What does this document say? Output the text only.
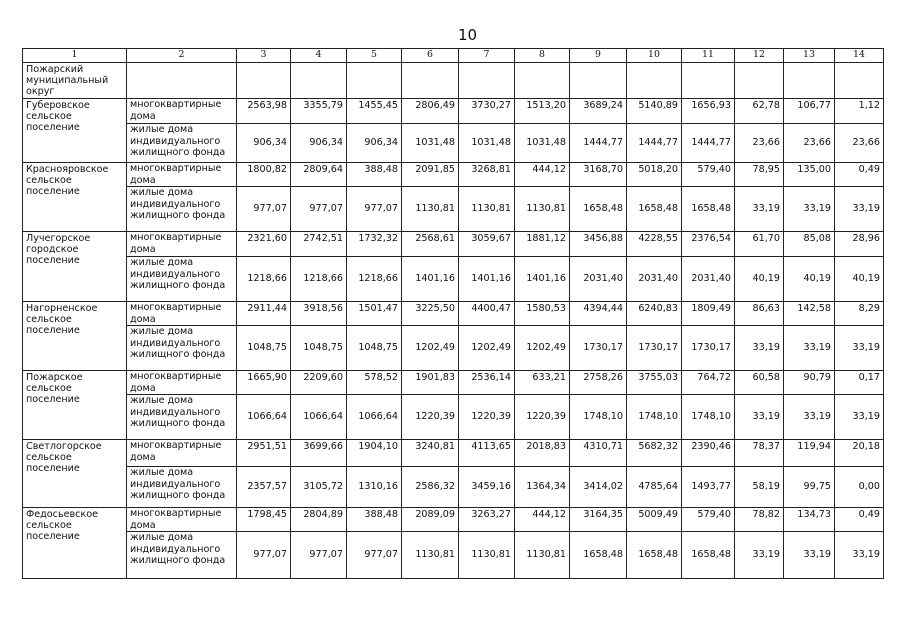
10
1	2	3	4	5	6	7	8	9	10	11	12	13	14
Пожарский муниципальный округ													
Губеровское сельское поселение	многоквартирные дома	2563,98	3355,79	1455,45	2806,49	3730,27	1513,20	3689,24	5140,89	1656,93	62,78	106,77	1,12
	жилые дома индивидуального жилищного фонда	906,34	906,34	906,34	1031,48	1031,48	1031,48	1444,77	1444,77	1444,77	23,66	23,66	23,66
Краснояровское сельское поселение	многоквартирные дома	1800,82	2809,64	388,48	2091,85	3268,81	444,12	3168,70	5018,20	579,40	78,95	135,00	0,49
	жилые дома индивидуального жилищного фонда	977,07	977,07	977,07	1130,81	1130,81	1130,81	1658,48	1658,48	1658,48	33,19	33,19	33,19
Лучегорское городское поселение	многоквартирные дома	2321,60	2742,51	1732,32	2568,61	3059,67	1881,12	3456,88	4228,55	2376,54	61,70	85,08	28,96
	жилые дома индивидуального жилищного фонда	1218,66	1218,66	1218,66	1401,16	1401,16	1401,16	2031,40	2031,40	2031,40	40,19	40,19	40,19
Нагорненское сельское поселение	многоквартирные дома	2911,44	3918,56	1501,47	3225,50	4400,47	1580,53	4394,44	6240,83	1809,49	86,63	142,58	8,29
	жилые дома индивидуального жилищного фонда	1048,75	1048,75	1048,75	1202,49	1202,49	1202,49	1730,17	1730,17	1730,17	33,19	33,19	33,19
Пожарское сельское поселение	многоквартирные дома	1665,90	2209,60	578,52	1901,83	2536,14	633,21	2758,26	3755,03	764,72	60,58	90,79	0,17
	жилые дома индивидуального жилищного фонда	1066,64	1066,64	1066,64	1220,39	1220,39	1220,39	1748,10	1748,10	1748,10	33,19	33,19	33,19
Светлогорское сельское поселение	многоквартирные дома	2951,51	3699,66	1904,10	3240,81	4113,65	2018,83	4310,71	5682,32	2390,46	78,37	119,94	20,18
	жилые дома индивидуального жилищного фонда	2357,57	3105,72	1310,16	2586,32	3459,16	1364,34	3414,02	4785,64	1493,77	58,19	99,75	0,00
Федосьевское сельское поселение	многоквартирные дома	1798,45	2804,89	388,48	2089,09	3263,27	444,12	3164,35	5009,49	579,40	78,82	134,73	0,49
	жилые дома индивидуального жилищного фонда	977,07	977,07	977,07	1130,81	1130,81	1130,81	1658,48	1658,48	1658,48	33,19	33,19	33,19
